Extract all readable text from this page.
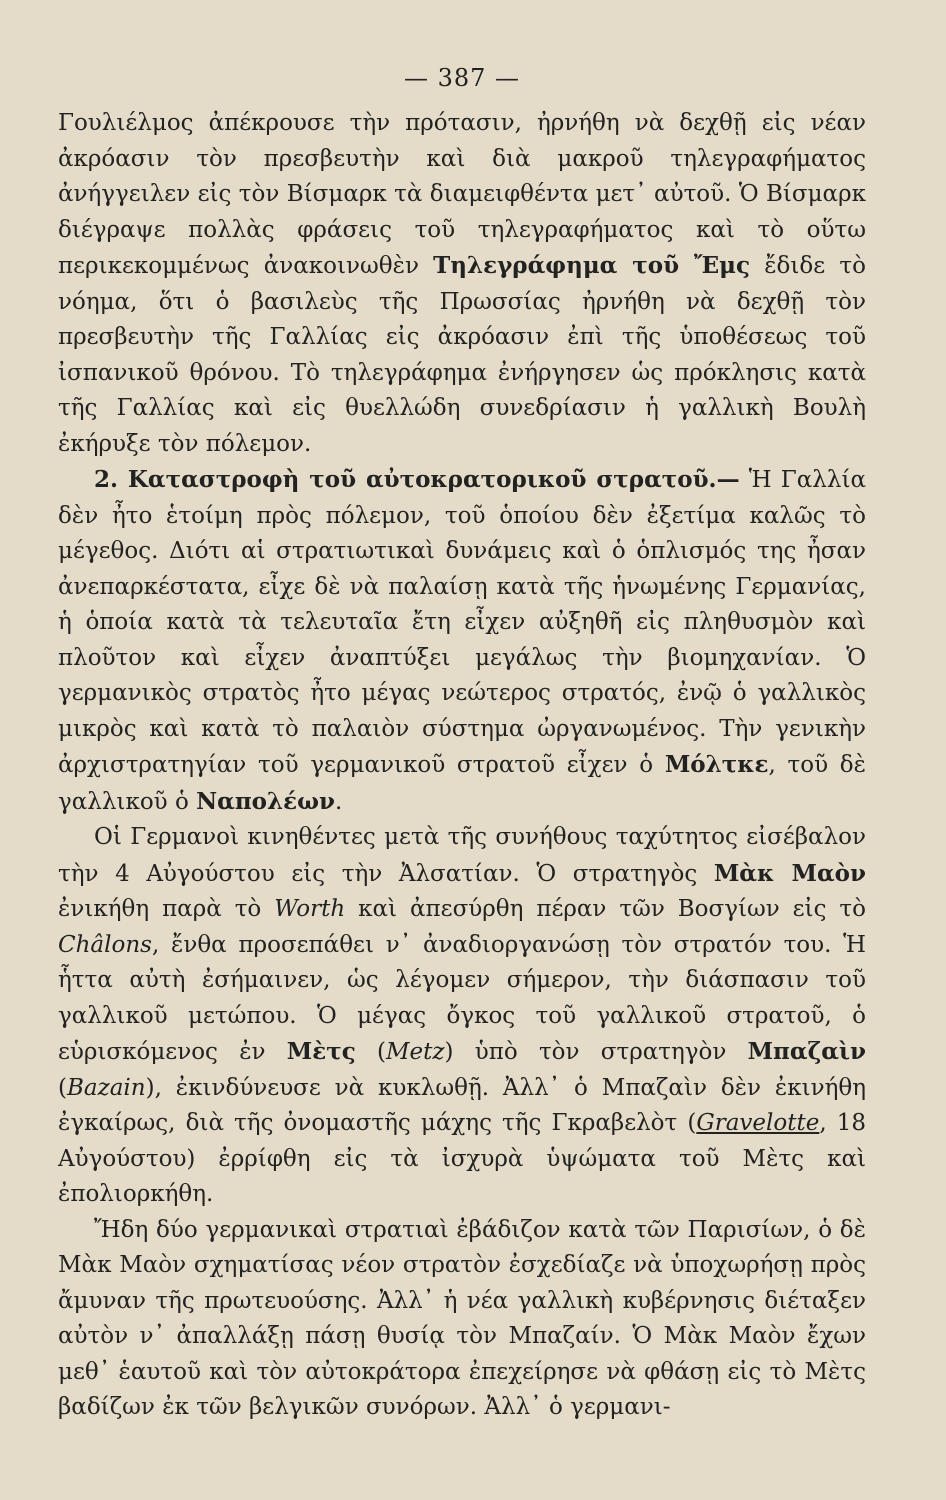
— 387 —

Γουλιέλμος ἀπέκρουσε τὴν πρότασιν, ἠρνήθη νὰ δεχθῇ εἰς νέαν ἀκρόασιν τὸν πρεσβευτὴν καὶ διὰ μακροῦ τηλεγραφήματος ἀνήγγειλεν εἰς τὸν Βίσμαρκ τὰ διαμειφθέντα μετ᾿ αὐτοῦ. Ὁ Βίσμαρκ διέγραψε πολλὰς φράσεις τοῦ τηλεγραφήματος καὶ τὸ οὕτω περικεκομμένως ἀνακοινωθὲν Τηλεγράφημα τοῦ Ἔμς ἔδιδε τὸ νόημα, ὅτι ὁ βασιλεὺς τῆς Πρωσσίας ἠρνήθη νὰ δεχθῇ τὸν πρεσβευτὴν τῆς Γαλλίας εἰς ἀκρόασιν ἐπὶ τῆς ὑποθέσεως τοῦ ἰσπανικοῦ θρόνου. Τὸ τηλεγράφημα ἐνήργησεν ὡς πρόκλησις κατὰ τῆς Γαλλίας καὶ εἰς θυελλώδη συνεδρίασιν ἡ γαλλικὴ Βουλὴ ἐκήρυξε τὸν πόλεμον.

2. Καταστροφὴ τοῦ αὐτοκρατορικοῦ στρατοῦ.— Ἡ Γαλλία δὲν ἦτο ἑτοίμη πρὸς πόλεμον, τοῦ ὁποίου δὲν ἐξετίμα καλῶς τὸ μέγεθος. Διότι αἱ στρατιωτικαὶ δυνάμεις καὶ ὁ ὁπλισμός της ἦσαν ἀνεπαρκέστατα, εἶχε δὲ νὰ παλαίσῃ κατὰ τῆς ἡνωμένης Γερμανίας, ἡ ὁποία κατὰ τὰ τελευταῖα ἔτη εἶχεν αὐξηθῆ εἰς πληθυσμὸν καὶ πλοῦτον καὶ εἶχεν ἀναπτύξει μεγάλως τὴν βιομηχανίαν. Ὁ γερμανικὸς στρατὸς ἦτο μέγας νεώτερος στρατός, ἐνῷ ὁ γαλλικὸς μικρὸς καὶ κατὰ τὸ παλαιὸν σύστημα ὠργανωμένος. Τὴν γενικὴν ἀρχιστρατηγίαν τοῦ γερμανικοῦ στρατοῦ εἶχεν ὁ Μόλτκε, τοῦ δὲ γαλλικοῦ ὁ Ναπολέων.

Οἱ Γερμανοὶ κινηθέντες μετὰ τῆς συνήθους ταχύτητος εἰσέβαλον τὴν 4 Αὐγούστου εἰς τὴν Ἀλσατίαν. Ὁ στρατηγὸς Μὰκ Μαὸν ἐνικήθη παρὰ τὸ Worth καὶ ἀπεσύρθη πέραν τῶν Βοσγίων εἰς τὸ Châlons, ἔνθα προσεπάθει ν᾿ ἀναδιοργανώσῃ τὸν στρατόν του. Ἡ ἧττα αὐτὴ ἐσήμαινεν, ὡς λέγομεν σήμερον, τὴν διάσπασιν τοῦ γαλλικοῦ μετώπου. Ὁ μέγας ὄγκος τοῦ γαλλικοῦ στρατοῦ, ὁ εὑρισκόμενος ἐν Μὲτς (Metz) ὑπὸ τὸν στρατηγὸν Μπαζαὶν (Bazain), ἐκινδύνευσε νὰ κυκλωθῇ. Ἀλλ᾿ ὁ Μπαζαὶν δὲν ἐκινήθη ἐγκαίρως, διὰ τῆς ὀνομαστῆς μάχης τῆς Γκραβελὸτ (Gravelotte, 18 Αὐγούστου) ἐρρίφθη εἰς τὰ ἰσχυρὰ ὑψώματα τοῦ Μὲτς καὶ ἐπολιορκήθη.

Ἤδη δύο γερμανικαὶ στρατιαὶ ἐβάδιζον κατὰ τῶν Παρισίων, ὁ δὲ Μὰκ Μαὸν σχηματίσας νέον στρατὸν ἐσχεδίαζε νὰ ὑποχωρήσῃ πρὸς ἄμυναν τῆς πρωτευούσης. Ἀλλ᾿ ἡ νέα γαλλικὴ κυβέρνησις διέταξεν αὐτὸν ν᾿ ἀπαλλάξῃ πάσῃ θυσίᾳ τὸν Μπαζαίν. Ὁ Μὰκ Μαὸν ἔχων μεθ᾿ ἑαυτοῦ καὶ τὸν αὐτοκράτορα ἐπεχείρησε νὰ φθάσῃ εἰς τὸ Μὲτς βαδίζων ἐκ τῶν βελγικῶν συνόρων. Ἀλλ᾿ ὁ γερμανι-
